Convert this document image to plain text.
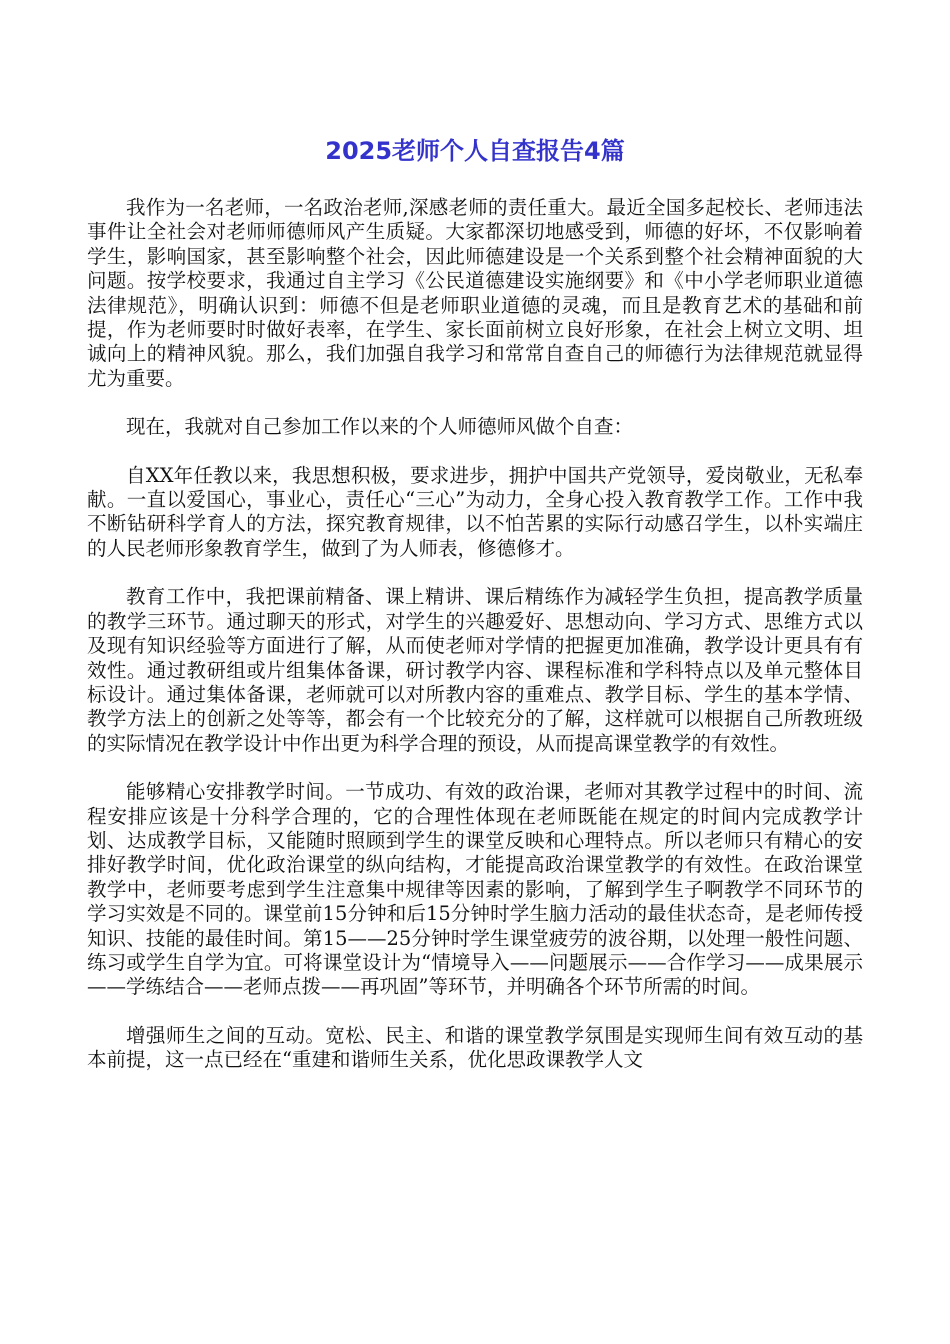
2025老师个人自查报告4篇

我作为一名老师，一名政治老师,深感老师的责任重大。最近全国多起校长、老师违法事件让全社会对老师师德师风产生质疑。大家都深切地感受到，师德的好坏，不仅影响着学生，影响国家，甚至影响整个社会，因此师德建设是一个关系到整个社会精神面貌的大问题。按学校要求，我通过自主学习《公民道德建设实施纲要》和《中小学老师职业道德法律规范》，明确认识到：师德不但是老师职业道德的灵魂，而且是教育艺术的基础和前提，作为老师要时时做好表率，在学生、家长面前树立良好形象，在社会上树立文明、坦诚向上的精神风貌。那么，我们加强自我学习和常常自查自己的师德行为法律规范就显得尤为重要。

现在，我就对自己参加工作以来的个人师德师风做个自查：

自XX年任教以来，我思想积极，要求进步，拥护中国共产党领导，爱岗敬业，无私奉献。一直以爱国心，事业心，责任心“三心”为动力，全身心投入教育教学工作。工作中我不断钻研科学育人的方法，探究教育规律，以不怕苦累的实际行动感召学生，以朴实端庄的人民老师形象教育学生，做到了为人师表，修德修才。

教育工作中，我把课前精备、课上精讲、课后精练作为减轻学生负担，提高教学质量的教学三环节。通过聊天的形式，对学生的兴趣爱好、思想动向、学习方式、思维方式以及现有知识经验等方面进行了解，从而使老师对学情的把握更加准确，教学设计更具有有效性。通过教研组或片组集体备课，研讨教学内容、课程标准和学科特点以及单元整体目标设计。通过集体备课，老师就可以对所教内容的重难点、教学目标、学生的基本学情、教学方法上的创新之处等等，都会有一个比较充分的了解，这样就可以根据自己所教班级的实际情况在教学设计中作出更为科学合理的预设，从而提高课堂教学的有效性。

能够精心安排教学时间。一节成功、有效的政治课，老师对其教学过程中的时间、流程安排应该是十分科学合理的，它的合理性体现在老师既能在规定的时间内完成教学计划、达成教学目标，又能随时照顾到学生的课堂反映和心理特点。所以老师只有精心的安排好教学时间，优化政治课堂的纵向结构，才能提高政治课堂教学的有效性。在政治课堂教学中，老师要考虑到学生注意集中规律等因素的影响，了解到学生子啊教学不同环节的学习实效是不同的。课堂前15分钟和后15分钟时学生脑力活动的最佳状态奇，是老师传授知识、技能的最佳时间。第15——25分钟时学生课堂疲劳的波谷期，以处理一般性问题、练习或学生自学为宜。可将课堂设计为“情境导入——问题展示——合作学习——成果展示——学练结合——老师点拨——再巩固”等环节，并明确各个环节所需的时间。

增强师生之间的互动。宽松、民主、和谐的课堂教学氛围是实现师生间有效互动的基本前提，这一点已经在“重建和谐师生关系，优化思政课教学人文
